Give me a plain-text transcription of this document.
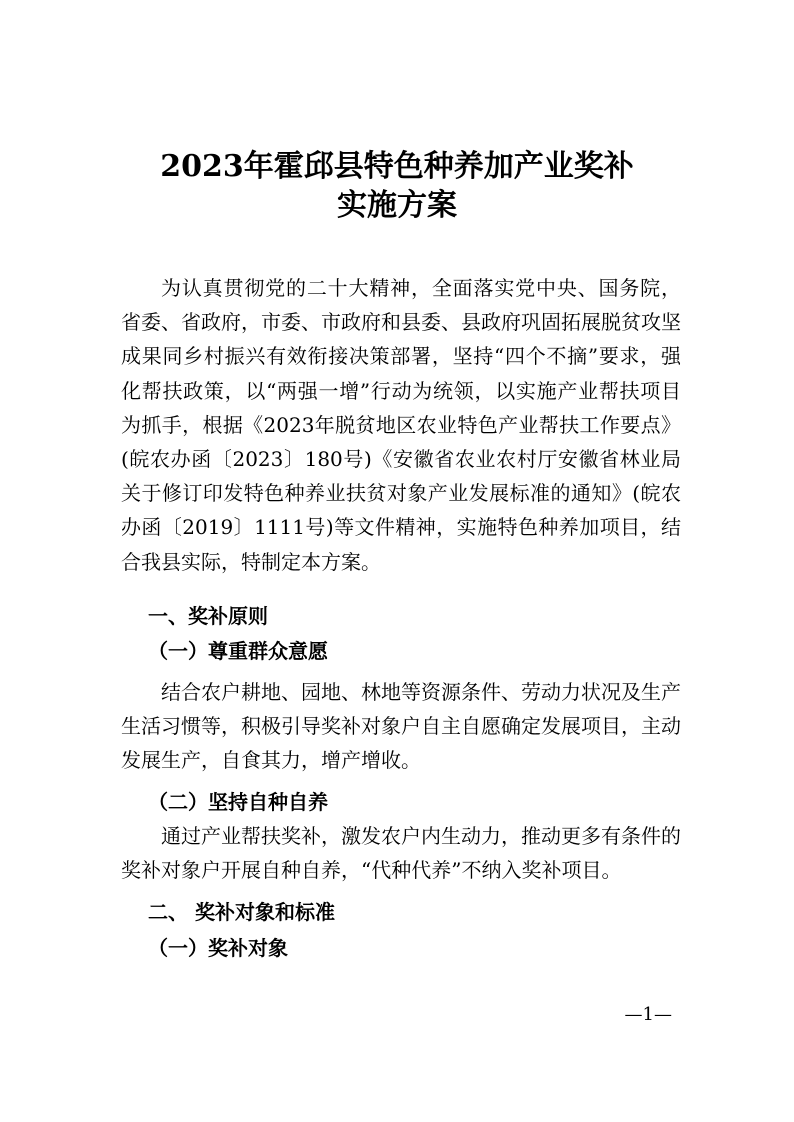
2023年霍邱县特色种养加产业奖补
实施方案

为认真贯彻党的二十大精神，全面落实党中央、国务院， 省委、省政府，市委、市政府和县委、县政府巩固拓展脱贫攻坚成果同乡村振兴有效衔接决策部署，坚持“四个不摘”要求，强化帮扶政策，以“两强一增”行动为统领，以实施产业帮扶项目为抓手，根据《2023年脱贫地区农业特色产业帮扶工作要点》(皖农办函〔2023〕180号)《安徽省农业农村厅安徽省林业局关于修订印发特色种养业扶贫对象产业发展标准的通知》(皖农办函〔2019〕1111号)等文件精神，实施特色种养加项目，结合我县实际，特制定本方案。

一、奖补原则
（一）尊重群众意愿

结合农户耕地、园地、林地等资源条件、劳动力状况及生产生活习惯等，积极引导奖补对象户自主自愿确定发展项目，主动发展生产，自食其力，增产增收。

（二）坚持自种自养

通过产业帮扶奖补，激发农户内生动力，推动更多有条件的奖补对象户开展自种自养，“代种代养”不纳入奖补项目。

二、 奖补对象和标准
（一）奖补对象
—1—
